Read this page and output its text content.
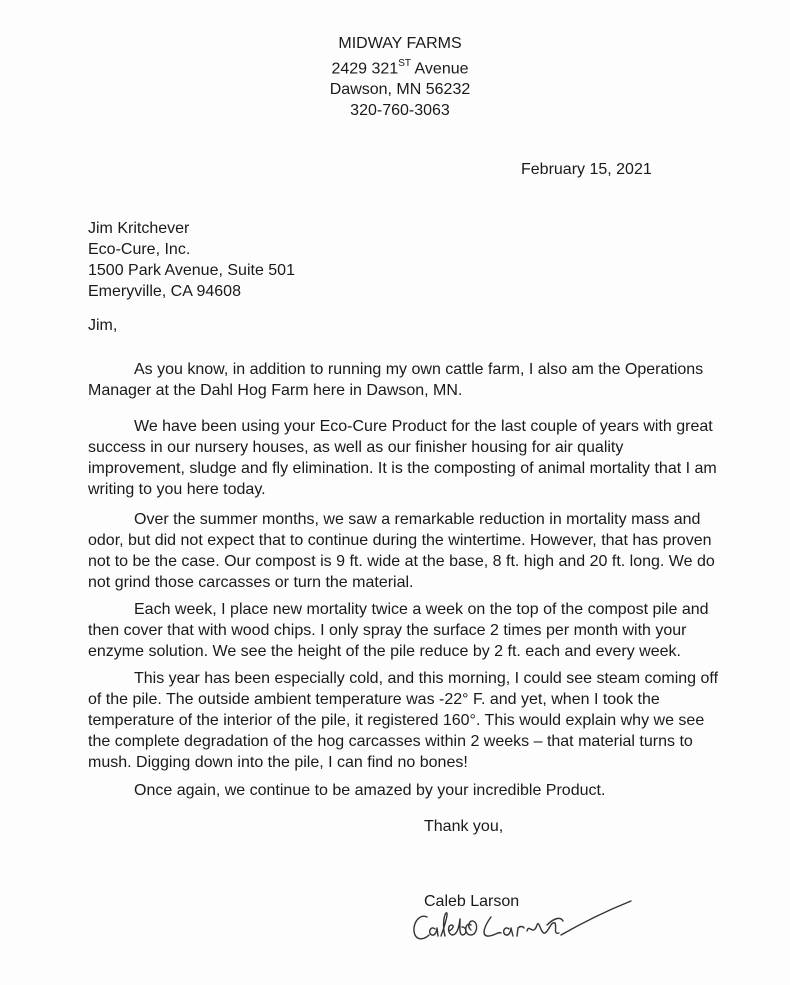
MIDWAY FARMS
2429 321ST Avenue
Dawson, MN 56232
320-760-3063
February 15, 2021
Jim Kritchever
Eco-Cure, Inc.
1500 Park Avenue, Suite 501
Emeryville, CA 94608
Jim,

As you know, in addition to running my own cattle farm, I also am the Operations Manager at the Dahl Hog Farm here in Dawson, MN.

We have been using your Eco-Cure Product for the last couple of years with great success in our nursery houses, as well as our finisher housing for air quality improvement, sludge and fly elimination. It is the composting of animal mortality that I am writing to you here today.

Over the summer months, we saw a remarkable reduction in mortality mass and odor, but did not expect that to continue during the wintertime. However, that has proven not to be the case. Our compost is 9 ft. wide at the base, 8 ft. high and 20 ft. long. We do not grind those carcasses or turn the material.

Each week, I place new mortality twice a week on the top of the compost pile and then cover that with wood chips. I only spray the surface 2 times per month with your enzyme solution. We see the height of the pile reduce by 2 ft. each and every week.

This year has been especially cold, and this morning, I could see steam coming off of the pile. The outside ambient temperature was -22° F. and yet, when I took the temperature of the interior of the pile, it registered 160°. This would explain why we see the complete degradation of the hog carcasses within 2 weeks – that material turns to mush. Digging down into the pile, I can find no bones!

Once again, we continue to be amazed by your incredible Product.

Thank you,
Caleb Larson
